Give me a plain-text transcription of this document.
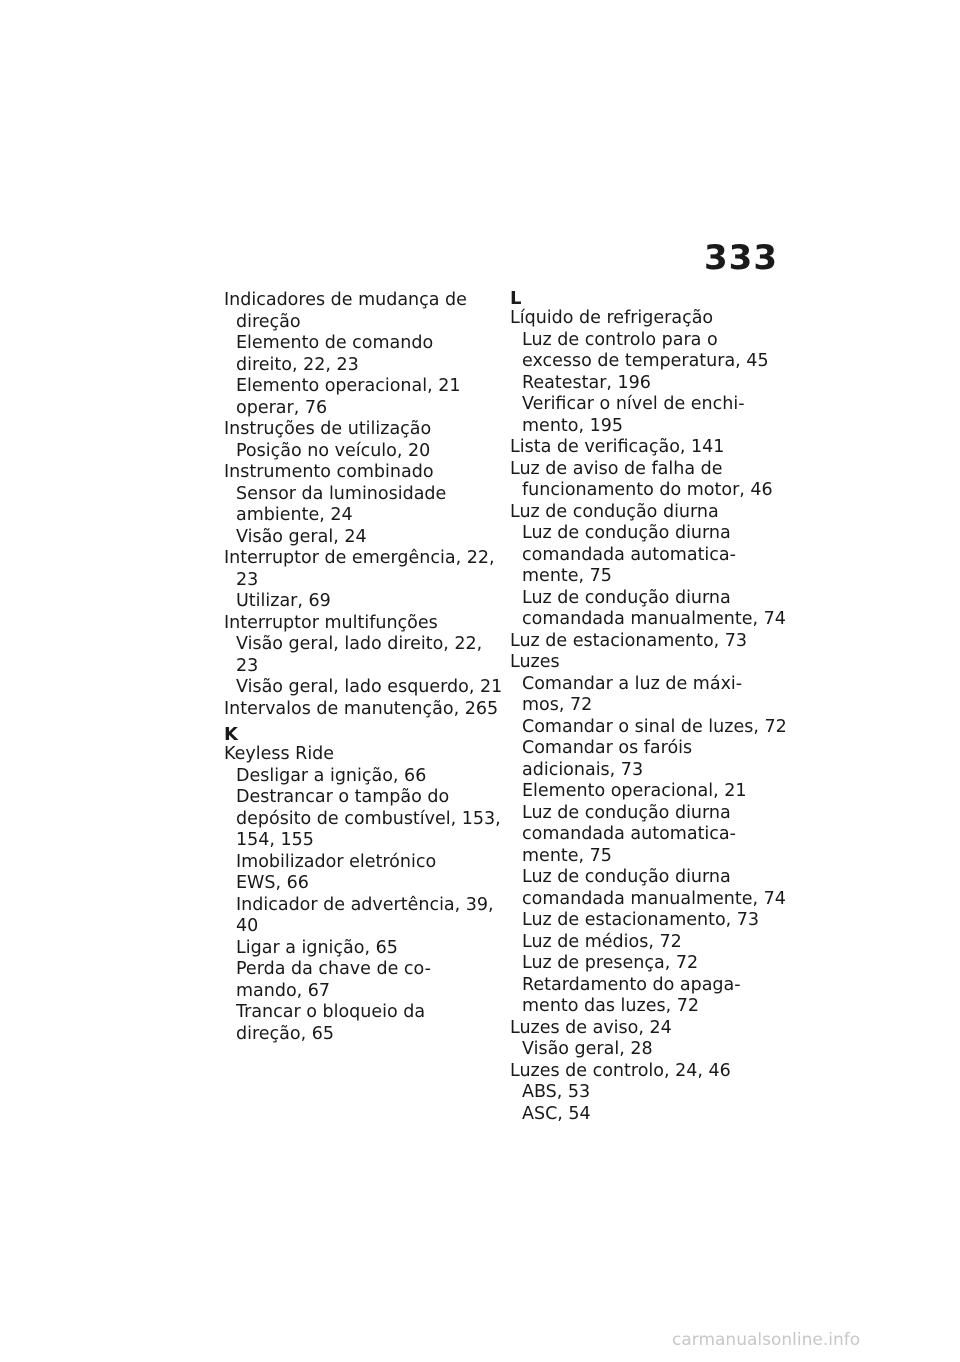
333
Indicadores de mudança de
direção
Elemento de comando
direito, 22, 23
Elemento operacional, 21
operar, 76
Instruções de utilização
Posição no veículo, 20
Instrumento combinado
Sensor da luminosidade
ambiente, 24
Visão geral, 24
Interruptor de emergência, 22,
23
Utilizar, 69
Interruptor multifunções
Visão geral, lado direito, 22,
23
Visão geral, lado esquerdo, 21
Intervalos de manutenção, 265
K
Keyless Ride
Desligar a ignição, 66
Destrancar o tampão do
depósito de combustível, 153,
154, 155
Imobilizador eletrónico
EWS, 66
Indicador de advertência, 39,
40
Ligar a ignição, 65
Perda da chave de co-
mando, 67
Trancar o bloqueio da
direção, 65
L
Líquido de refrigeração
Luz de controlo para o
excesso de temperatura, 45
Reatestar, 196
Verificar o nível de enchi-
mento, 195
Lista de verificação, 141
Luz de aviso de falha de
funcionamento do motor, 46
Luz de condução diurna
Luz de condução diurna
comandada automatica-
mente, 75
Luz de condução diurna
comandada manualmente, 74
Luz de estacionamento, 73
Luzes
Comandar a luz de máxi-
mos, 72
Comandar o sinal de luzes, 72
Comandar os faróis
adicionais, 73
Elemento operacional, 21
Luz de condução diurna
comandada automatica-
mente, 75
Luz de condução diurna
comandada manualmente, 74
Luz de estacionamento, 73
Luz de médios, 72
Luz de presença, 72
Retardamento do apaga-
mento das luzes, 72
Luzes de aviso, 24
Visão geral, 28
Luzes de controlo, 24, 46
ABS, 53
ASC, 54
carmanualsonline.info
